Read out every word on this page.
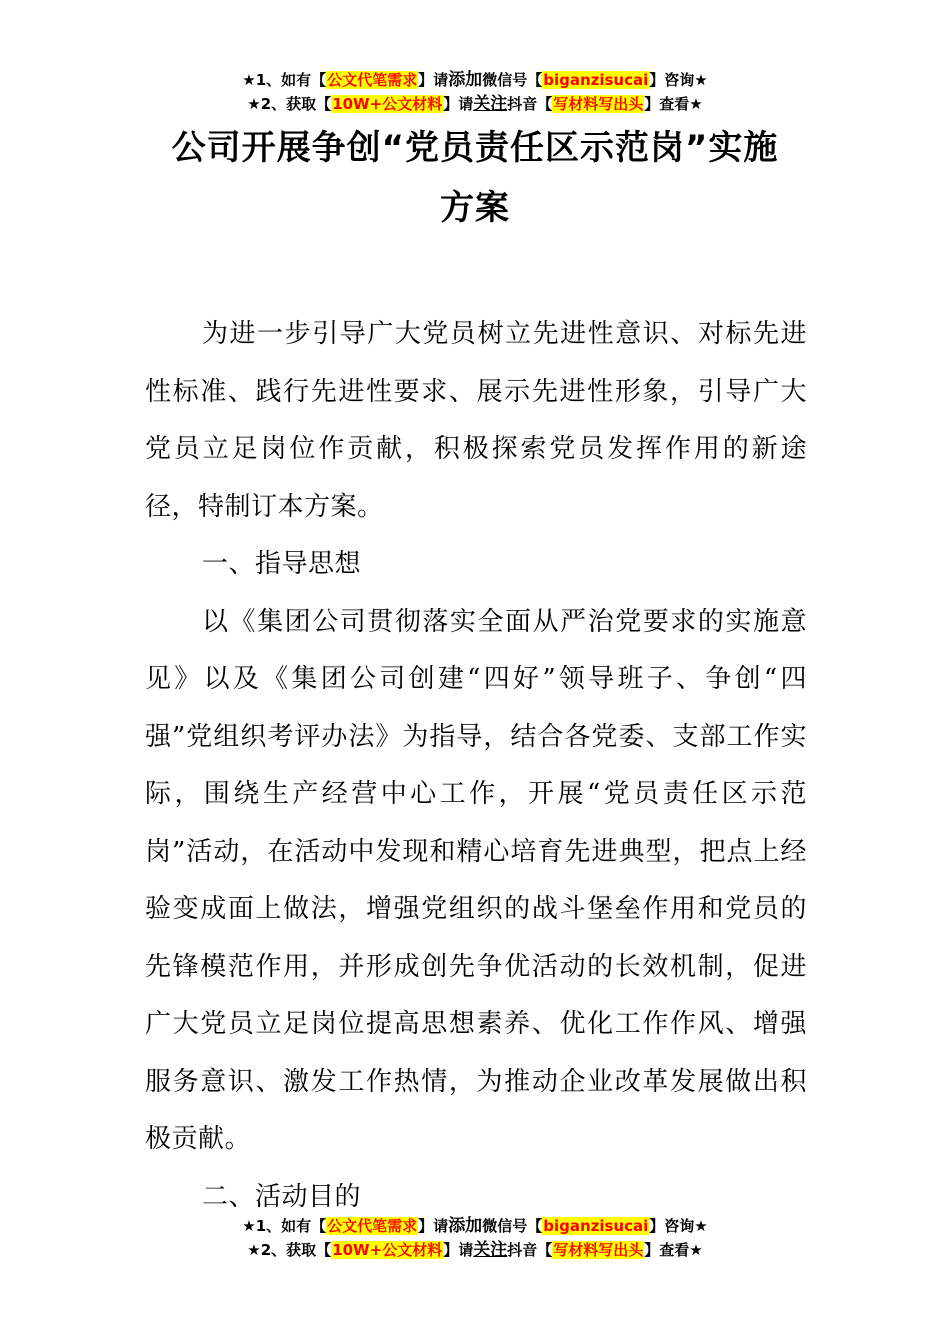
★1、如有【公文代笔需求】请添加微信号【biganzisucai】咨询★
★2、获取【10W+公文材料】请关注抖音【写材料写出头】查看★
公司开展争创“党员责任区示范岗”实施
方案

为进一步引导广大党员树立先进性意识、对标先进性标准、践行先进性要求、展示先进性形象，引导广大党员立足岗位作贡献，积极探索党员发挥作用的新途径，特制订本方案。

一、指导思想

以《集团公司贯彻落实全面从严治党要求的实施意见》以及《集团公司创建“四好”领导班子、争创“四强”党组织考评办法》为指导，结合各党委、支部工作实际，围绕生产经营中心工作，开展“党员责任区示范岗”活动，在活动中发现和精心培育先进典型，把点上经验变成面上做法，增强党组织的战斗堡垒作用和党员的先锋模范作用，并形成创先争优活动的长效机制，促进广大党员立足岗位提高思想素养、优化工作作风、增强服务意识、激发工作热情，为推动企业改革发展做出积极贡献。

二、活动目的

★1、如有【公文代笔需求】请添加微信号【biganzisucai】咨询★
★2、获取【10W+公文材料】请关注抖音【写材料写出头】查看★
